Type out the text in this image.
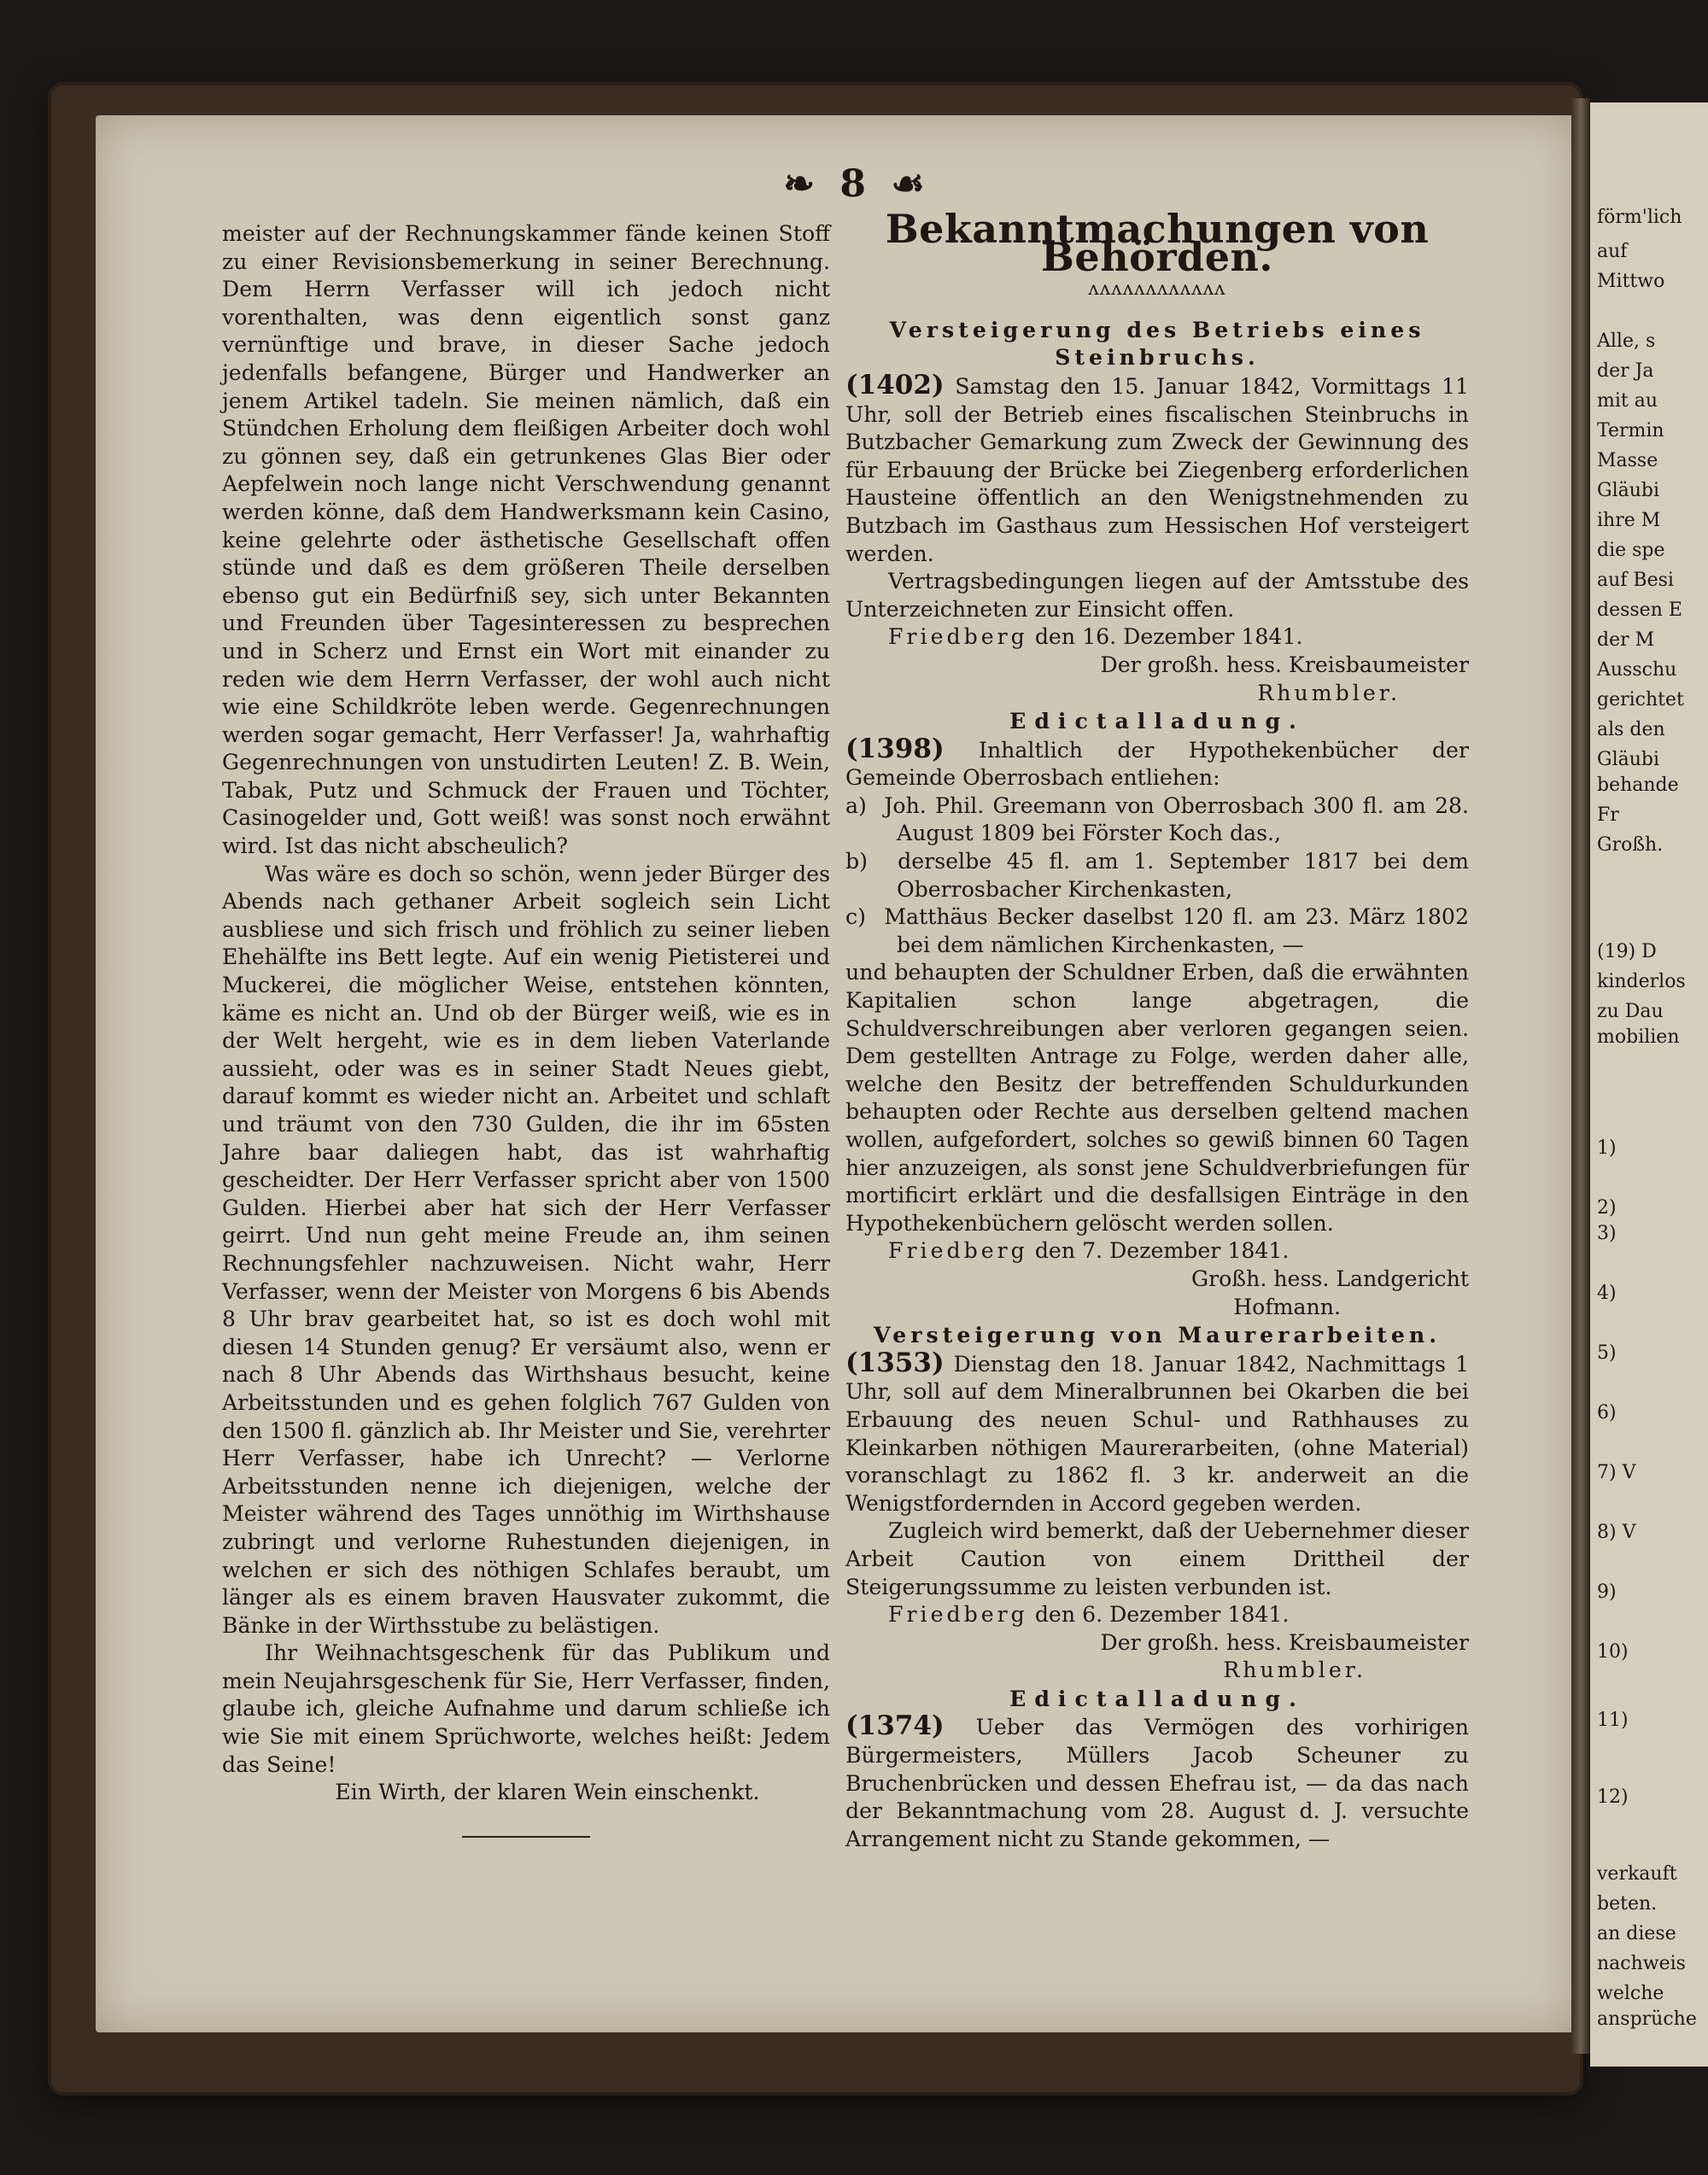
förm'lich
auf
Mittwo
Alle, s
der Ja
mit au
Termin
Masse
Gläubi
ihre M
die spe
auf Besi
dessen E
der M
Ausschu
gerichtet
als den
Gläubi
behande
Fr
Großh.
(19) D
kinderlos
zu Dau
mobilien
1)
2)
3)
4)
5)
6)
7) V
8) V
9)
10)
11)
12)
verkauft
beten.
an diese
nachweis
welche
ansprüche
❧ 8 ☙

meister auf der Rechnungskammer fände keinen Stoff zu einer Revisionsbemerkung in seiner Berechnung. Dem Herrn Verfasser will ich jedoch nicht vorenthalten, was denn eigentlich sonst ganz vernünftige und brave, in dieser Sache jedoch jedenfalls befangene, Bürger und Handwerker an jenem Artikel tadeln. Sie meinen nämlich, daß ein Stündchen Erholung dem fleißigen Arbeiter doch wohl zu gönnen sey, daß ein getrunkenes Glas Bier oder Aepfelwein noch lange nicht Verschwendung genannt werden könne, daß dem Handwerksmann kein Casino, keine gelehrte oder ästhetische Gesellschaft offen stünde und daß es dem größeren Theile derselben ebenso gut ein Bedürfniß sey, sich unter Bekannten und Freunden über Tagesinteressen zu besprechen und in Scherz und Ernst ein Wort mit einander zu reden wie dem Herrn Verfasser, der wohl auch nicht wie eine Schildkröte leben werde. Gegenrechnungen werden sogar gemacht, Herr Verfasser! Ja, wahrhaftig Gegenrechnungen von unstudirten Leuten! Z. B. Wein, Tabak, Putz und Schmuck der Frauen und Töchter, Casinogelder und, Gott weiß! was sonst noch erwähnt wird. Ist das nicht abscheulich?

Was wäre es doch so schön, wenn jeder Bürger des Abends nach gethaner Arbeit sogleich sein Licht ausbliese und sich frisch und fröhlich zu seiner lieben Ehehälfte ins Bett legte. Auf ein wenig Pietisterei und Muckerei, die möglicher Weise, entstehen könnten, käme es nicht an. Und ob der Bürger weiß, wie es in der Welt hergeht, wie es in dem lieben Vaterlande aussieht, oder was es in seiner Stadt Neues giebt, darauf kommt es wieder nicht an. Arbeitet und schlaft und träumt von den 730 Gulden, die ihr im 65sten Jahre baar daliegen habt, das ist wahrhaftig gescheidter. Der Herr Verfasser spricht aber von 1500 Gulden. Hierbei aber hat sich der Herr Verfasser geirrt. Und nun geht meine Freude an, ihm seinen Rechnungsfehler nachzuweisen. Nicht wahr, Herr Verfasser, wenn der Meister von Morgens 6 bis Abends 8 Uhr brav gearbeitet hat, so ist es doch wohl mit diesen 14 Stunden genug? Er versäumt also, wenn er nach 8 Uhr Abends das Wirthshaus besucht, keine Arbeitsstunden und es gehen folglich 767 Gulden von den 1500 fl. gänzlich ab. Ihr Meister und Sie, verehrter Herr Verfasser, habe ich Unrecht? — Verlorne Arbeitsstunden nenne ich diejenigen, welche der Meister während des Tages unnöthig im Wirthshause zubringt und verlorne Ruhestunden diejenigen, in welchen er sich des nöthigen Schlafes beraubt, um länger als es einem braven Hausvater zukommt, die Bänke in der Wirthsstube zu belästigen.

Ihr Weihnachtsgeschenk für das Publikum und mein Neujahrsgeschenk für Sie, Herr Verfasser, finden, glaube ich, gleiche Aufnahme und darum schließe ich wie Sie mit einem Sprüchworte, welches heißt: Jedem das Seine!

Ein Wirth, der klaren Wein einschenkt.

Bekanntmachungen von Behörden.
ᴧᴧᴧᴧᴧᴧᴧᴧᴧᴧᴧᴧ

Versteigerung des Betriebs eines Steinbruchs.

(1402) Samstag den 15. Januar 1842, Vormittags 11 Uhr, soll der Betrieb eines fiscalischen Steinbruchs in Butzbacher Gemarkung zum Zweck der Gewinnung des für Erbauung der Brücke bei Ziegenberg erforderlichen Hausteine öffentlich an den Wenigstnehmenden zu Butzbach im Gasthaus zum Hessischen Hof versteigert werden.

Vertragsbedingungen liegen auf der Amtsstube des Unterzeichneten zur Einsicht offen.

Friedberg den 16. Dezember 1841.

Der großh. hess. Kreisbaumeister

Rhumbler.

Edictalladung.

(1398) Inhaltlich der Hypothekenbücher der Gemeinde Oberrosbach entliehen:

a) Joh. Phil. Greemann von Oberrosbach 300 fl. am 28. August 1809 bei Förster Koch das.,

b) derselbe 45 fl. am 1. September 1817 bei dem Oberrosbacher Kirchenkasten,

c) Matthäus Becker daselbst 120 fl. am 23. März 1802 bei dem nämlichen Kirchenkasten, —

und behaupten der Schuldner Erben, daß die erwähnten Kapitalien schon lange abgetragen, die Schuldverschreibungen aber verloren gegangen seien. Dem gestellten Antrage zu Folge, werden daher alle, welche den Besitz der betreffenden Schuldurkunden behaupten oder Rechte aus derselben geltend machen wollen, aufgefordert, solches so gewiß binnen 60 Tagen hier anzuzeigen, als sonst jene Schuldverbriefungen für mortificirt erklärt und die desfallsigen Einträge in den Hypothekenbüchern gelöscht werden sollen.

Friedberg den 7. Dezember 1841.

Großh. hess. Landgericht

Hofmann.

Versteigerung von Maurerarbeiten.

(1353) Dienstag den 18. Januar 1842, Nachmittags 1 Uhr, soll auf dem Mineralbrunnen bei Okarben die bei Erbauung des neuen Schul- und Rathhauses zu Kleinkarben nöthigen Maurerarbeiten, (ohne Material) voranschlagt zu 1862 fl. 3 kr. anderweit an die Wenigstfordernden in Accord gegeben werden.

Zugleich wird bemerkt, daß der Uebernehmer dieser Arbeit Caution von einem Drittheil der Steigerungssumme zu leisten verbunden ist.

Friedberg den 6. Dezember 1841.

Der großh. hess. Kreisbaumeister

Rhumbler.

Edictalladung.

(1374) Ueber das Vermögen des vorhirigen Bürgermeisters, Müllers Jacob Scheuner zu Bruchenbrücken und dessen Ehefrau ist, — da das nach der Bekanntmachung vom 28. August d. J. versuchte Arrangement nicht zu Stande gekommen, —
